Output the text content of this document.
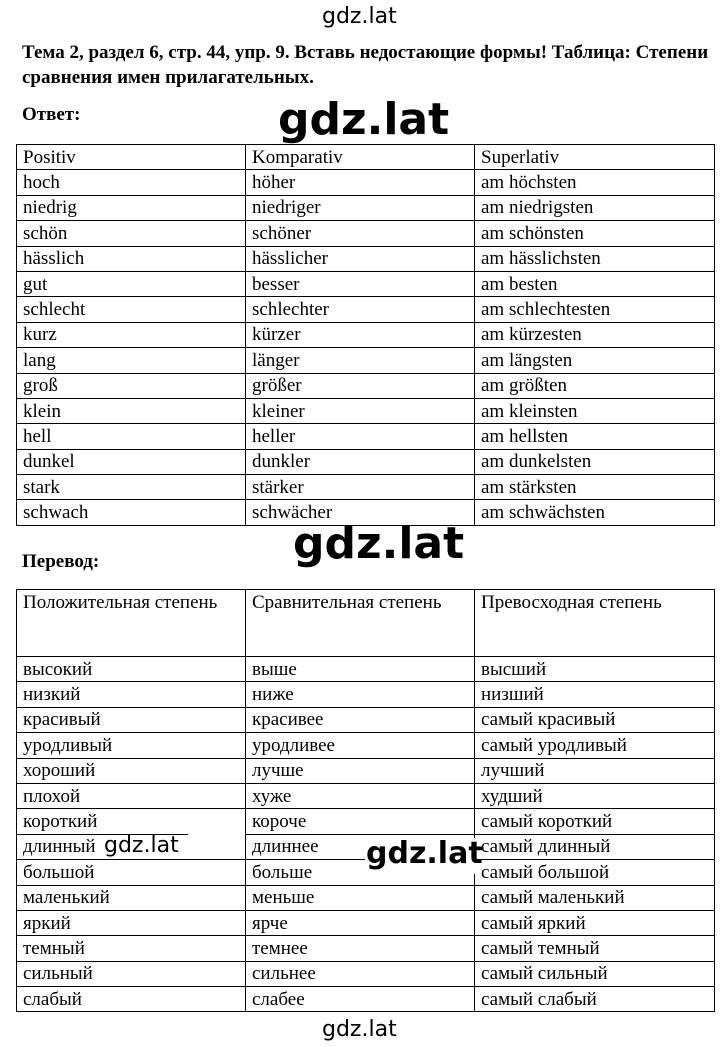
gdz.lat
Тема 2, раздел 6, стр. 44, упр. 9. Вставь недостающие формы! Таблица: Степени сравнения имен прилагательных.
Ответ:	gdz.lat
Positiv	Komparativ	Superlativ
hoch	höher	am höchsten
niedrig	niedriger	am niedrigsten
schön	schöner	am schönsten
hässlich	hässlicher	am hässlichsten
gut	besser	am besten
schlecht	schlechter	am schlechtesten
kurz	kürzer	am kürzesten
lang	länger	am längsten
groß	größer	am größten
klein	kleiner	am kleinsten
hell	heller	am hellsten
dunkel	dunkler	am dunkelsten
stark	stärker	am stärksten
schwach	schwächer	am schwächsten
Перевод:	gdz.lat
Положительная степень	Сравнительная степень	Превосходная степень
высокий	выше	высший
низкий	ниже	низший
красивый	красивее	самый красивый
уродливый	уродливее	самый уродливый
хороший	лучше	лучший
плохой	хуже	худший
короткий	короче	самый короткий
длинный	длиннее	самый длинный
большой	больше	самый большой
маленький	меньше	самый маленький
яркий	ярче	самый яркий
темный	темнее	самый темный
сильный	сильнее	самый сильный
слабый	слабее	самый слабый
gdz.lat	gdz.lat
gdz.lat
